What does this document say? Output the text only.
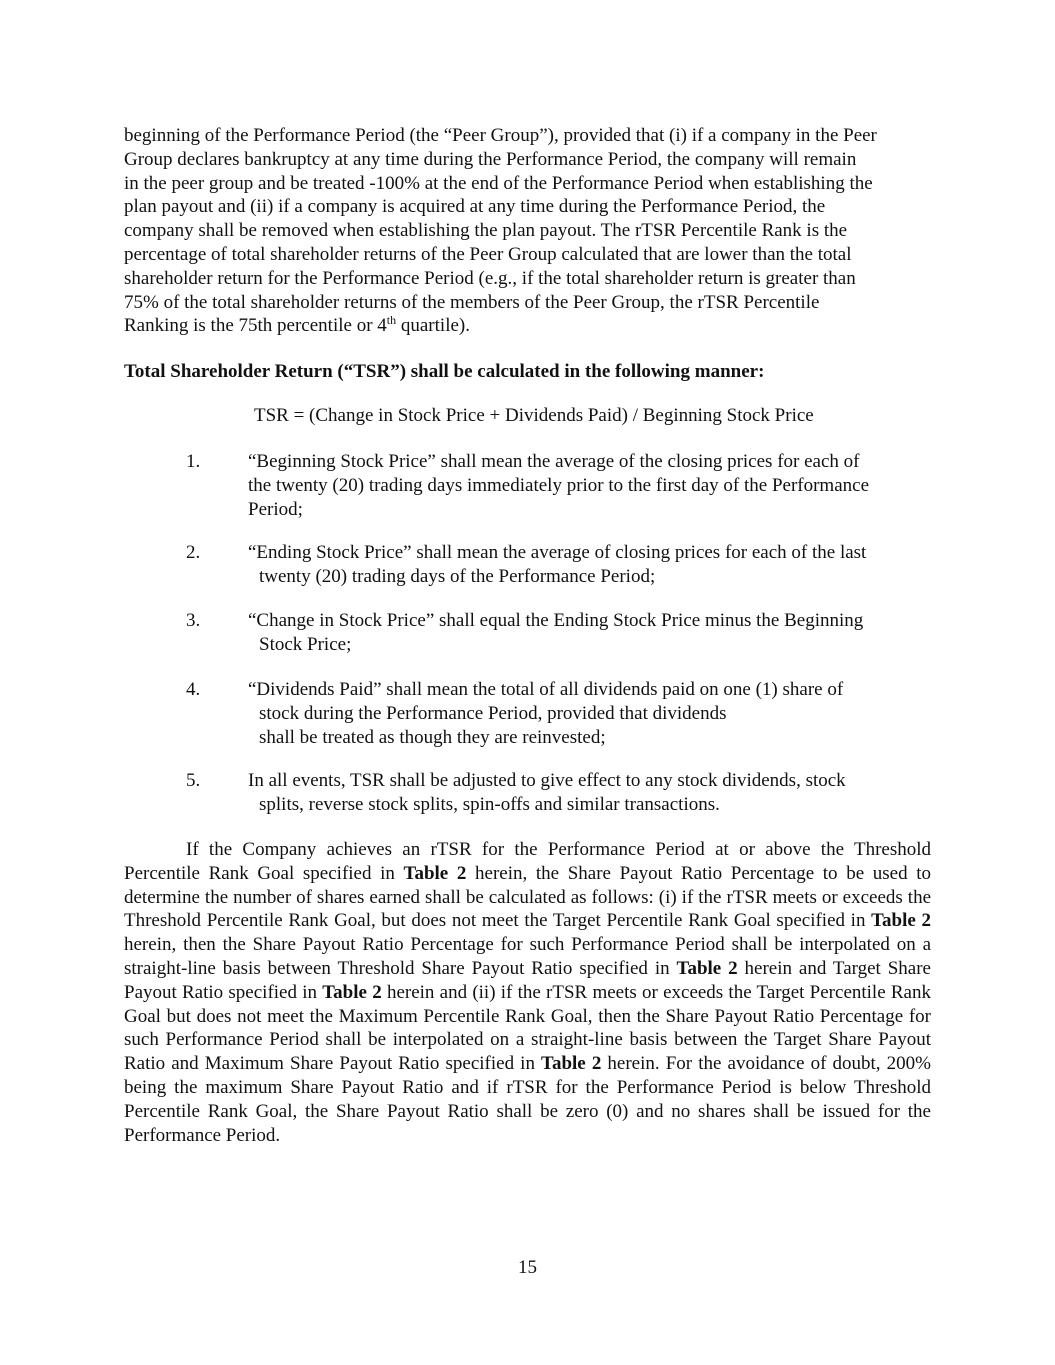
beginning of the Performance Period (the “Peer Group”), provided that (i) if a company in the Peer
Group declares bankruptcy at any time during the Performance Period, the company will remain
in the peer group and be treated -100% at the end of the Performance Period when establishing the
plan payout and (ii) if a company is acquired at any time during the Performance Period, the
company shall be removed when establishing the plan payout. The rTSR Percentile Rank is the
percentage of total shareholder returns of the Peer Group calculated that are lower than the total
shareholder return for the Performance Period (e.g., if the total shareholder return is greater than
75% of the total shareholder returns of the members of the Peer Group, the rTSR Percentile
Ranking is the 75th percentile or 4th quartile).

Total Shareholder Return (“TSR”) shall be calculated in the following manner:

TSR = (Change in Stock Price + Dividends Paid) / Beginning Stock Price

1.	“Beginning Stock Price” shall mean the average of the closing prices for each of
the twenty (20) trading days immediately prior to the first day of the Performance
Period;
2.	“Ending Stock Price” shall mean the average of closing prices for each of the last
twenty (20) trading days of the Performance Period;
3.	“Change in Stock Price” shall equal the Ending Stock Price minus the Beginning
Stock Price;
4.	“Dividends Paid” shall mean the total of all dividends paid on one (1) share of
stock during the Performance Period, provided that dividends
shall be treated as though they are reinvested;
5.	In all events, TSR shall be adjusted to give effect to any stock dividends, stock
splits, reverse stock splits, spin-offs and similar transactions.

If the Company achieves an rTSR for the Performance Period at or above the Threshold Percentile Rank Goal specified in Table 2 herein, the Share Payout Ratio Percentage to be used to determine the number of shares earned shall be calculated as follows: (i) if the rTSR meets or exceeds the Threshold Percentile Rank Goal, but does not meet the Target Percentile Rank Goal specified in Table 2 herein, then the Share Payout Ratio Percentage for such Performance Period shall be interpolated on a straight-line basis between Threshold Share Payout Ratio specified in Table 2 herein and Target Share Payout Ratio specified in Table 2 herein and (ii) if the rTSR meets or exceeds the Target Percentile Rank Goal but does not meet the Maximum Percentile Rank Goal, then the Share Payout Ratio Percentage for such Performance Period shall be interpolated on a straight-line basis between the Target Share Payout Ratio and Maximum Share Payout Ratio specified in Table 2 herein. For the avoidance of doubt, 200% being the maximum Share Payout Ratio and if rTSR for the Performance Period is below Threshold Percentile Rank Goal, the Share Payout Ratio shall be zero (0) and no shares shall be issued for the Performance Period.

15
